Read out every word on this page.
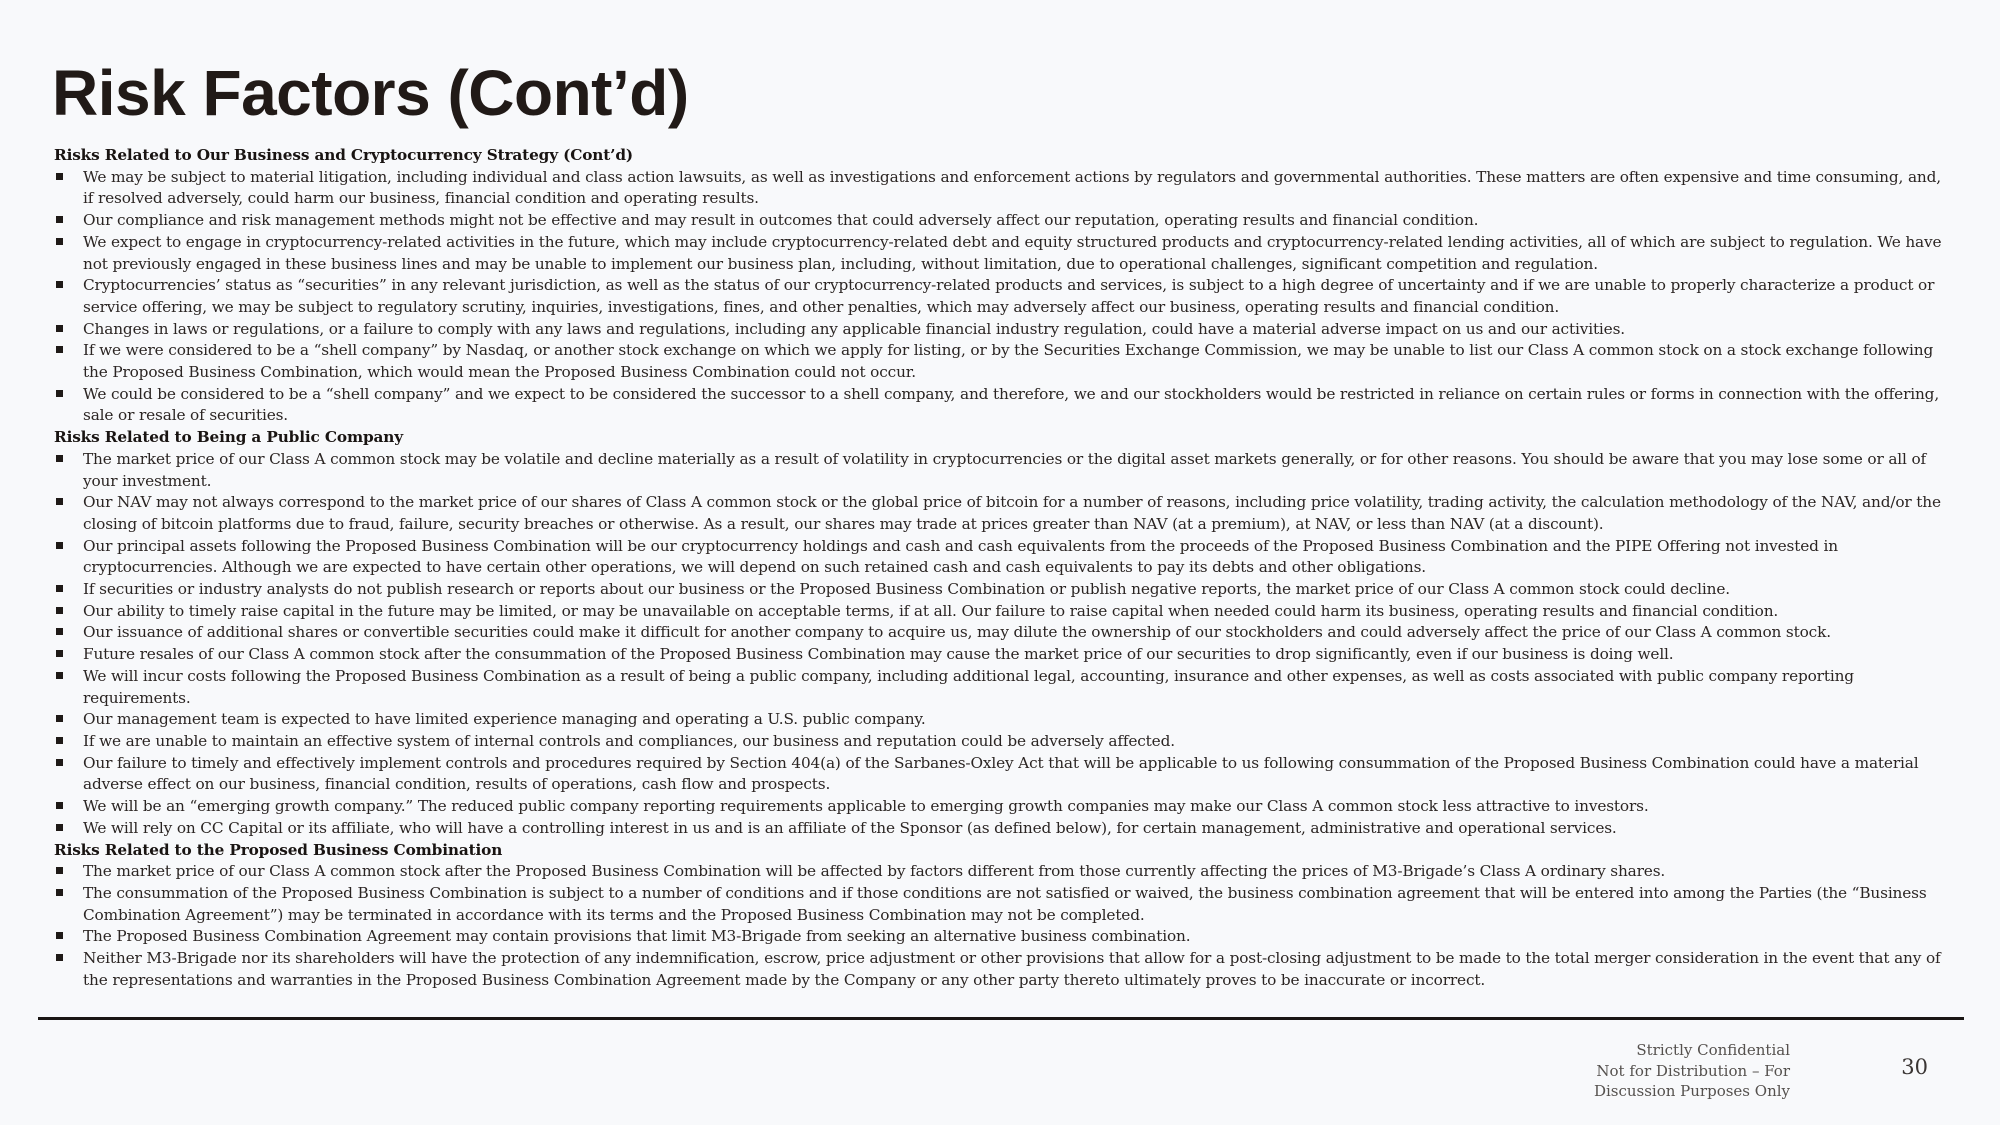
Risk Factors (Cont’d)
Risks Related to Our Business and Cryptocurrency Strategy (Cont’d)
We may be subject to material litigation, including individual and class action lawsuits, as well as investigations and enforcement actions by regulators and governmental authorities. These matters are often expensive and time consuming, and, if resolved adversely, could harm our business, financial condition and operating results.
Our compliance and risk management methods might not be effective and may result in outcomes that could adversely affect our reputation, operating results and financial condition.
We expect to engage in cryptocurrency-related activities in the future, which may include cryptocurrency-related debt and equity structured products and cryptocurrency-related lending activities, all of which are subject to regulation. We have not previously engaged in these business lines and may be unable to implement our business plan, including, without limitation, due to operational challenges, significant competition and regulation.
Cryptocurrencies’ status as “securities” in any relevant jurisdiction, as well as the status of our cryptocurrency-related products and services, is subject to a high degree of uncertainty and if we are unable to properly characterize a product or service offering, we may be subject to regulatory scrutiny, inquiries, investigations, fines, and other penalties, which may adversely affect our business, operating results and financial condition.
Changes in laws or regulations, or a failure to comply with any laws and regulations, including any applicable financial industry regulation, could have a material adverse impact on us and our activities.
If we were considered to be a “shell company” by Nasdaq, or another stock exchange on which we apply for listing, or by the Securities Exchange Commission, we may be unable to list our Class A common stock on a stock exchange following the Proposed Business Combination, which would mean the Proposed Business Combination could not occur.
We could be considered to be a “shell company” and we expect to be considered the successor to a shell company, and therefore, we and our stockholders would be restricted in reliance on certain rules or forms in connection with the offering, sale or resale of securities.
Risks Related to Being a Public Company
The market price of our Class A common stock may be volatile and decline materially as a result of volatility in cryptocurrencies or the digital asset markets generally, or for other reasons. You should be aware that you may lose some or all of your investment.
Our NAV may not always correspond to the market price of our shares of Class A common stock or the global price of bitcoin for a number of reasons, including price volatility, trading activity, the calculation methodology of the NAV, and/or the closing of bitcoin platforms due to fraud, failure, security breaches or otherwise. As a result, our shares may trade at prices greater than NAV (at a premium), at NAV, or less than NAV (at a discount).
Our principal assets following the Proposed Business Combination will be our cryptocurrency holdings and cash and cash equivalents from the proceeds of the Proposed Business Combination and the PIPE Offering not invested in cryptocurrencies. Although we are expected to have certain other operations, we will depend on such retained cash and cash equivalents to pay its debts and other obligations.
If securities or industry analysts do not publish research or reports about our business or the Proposed Business Combination or publish negative reports, the market price of our Class A common stock could decline.
Our ability to timely raise capital in the future may be limited, or may be unavailable on acceptable terms, if at all. Our failure to raise capital when needed could harm its business, operating results and financial condition.
Our issuance of additional shares or convertible securities could make it difficult for another company to acquire us, may dilute the ownership of our stockholders and could adversely affect the price of our Class A common stock.
Future resales of our Class A common stock after the consummation of the Proposed Business Combination may cause the market price of our securities to drop significantly, even if our business is doing well.
We will incur costs following the Proposed Business Combination as a result of being a public company, including additional legal, accounting, insurance and other expenses, as well as costs associated with public company reporting requirements.
Our management team is expected to have limited experience managing and operating a U.S. public company.
If we are unable to maintain an effective system of internal controls and compliances, our business and reputation could be adversely affected.
Our failure to timely and effectively implement controls and procedures required by Section 404(a) of the Sarbanes-Oxley Act that will be applicable to us following consummation of the Proposed Business Combination could have a material adverse effect on our business, financial condition, results of operations, cash flow and prospects.
We will be an “emerging growth company.” The reduced public company reporting requirements applicable to emerging growth companies may make our Class A common stock less attractive to investors.
We will rely on CC Capital or its affiliate, who will have a controlling interest in us and is an affiliate of the Sponsor (as defined below), for certain management, administrative and operational services.
Risks Related to the Proposed Business Combination
The market price of our Class A common stock after the Proposed Business Combination will be affected by factors different from those currently affecting the prices of M3-Brigade’s Class A ordinary shares.
The consummation of the Proposed Business Combination is subject to a number of conditions and if those conditions are not satisfied or waived, the business combination agreement that will be entered into among the Parties (the “Business Combination Agreement”) may be terminated in accordance with its terms and the Proposed Business Combination may not be completed.
The Proposed Business Combination Agreement may contain provisions that limit M3-Brigade from seeking an alternative business combination.
Neither M3-Brigade nor its shareholders will have the protection of any indemnification, escrow, price adjustment or other provisions that allow for a post-closing adjustment to be made to the total merger consideration in the event that any of the representations and warranties in the Proposed Business Combination Agreement made by the Company or any other party thereto ultimately proves to be inaccurate or incorrect.
Strictly Confidential
Not for Distribution – For
Discussion Purposes Only
30
